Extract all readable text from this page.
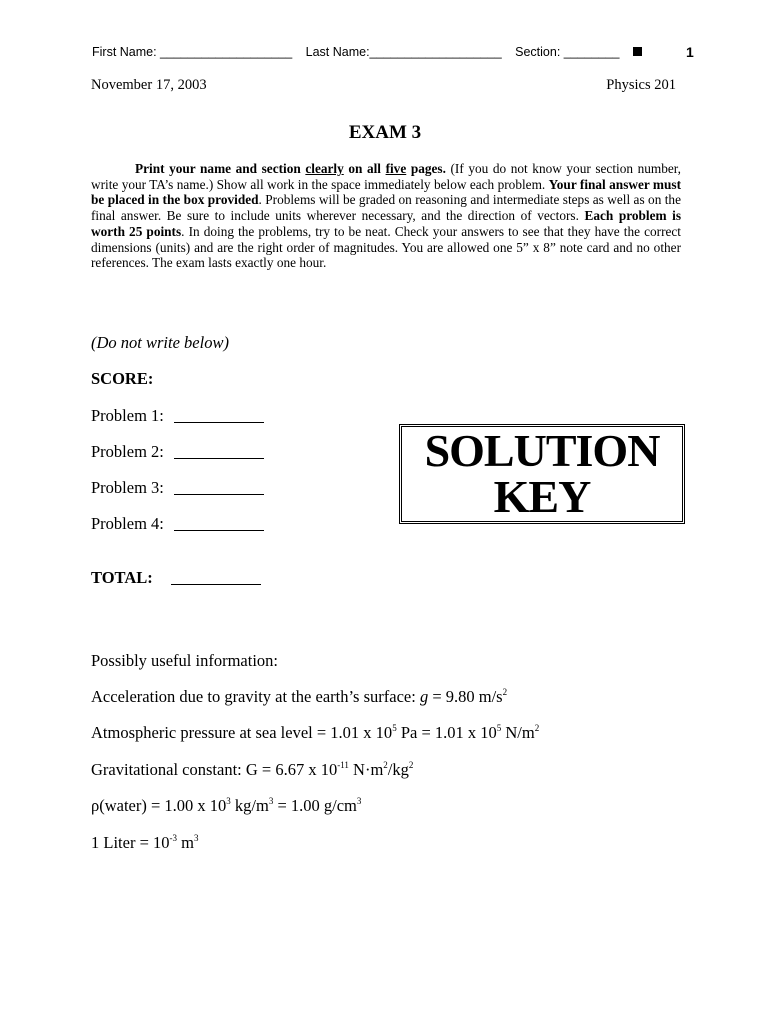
First Name: ___________________ Last Name:___________________ Section: ________	1
November 17, 2003	Physics 201
EXAM 3
Print your name and section clearly on all five pages. (If you do not know your section number, write your TA’s name.) Show all work in the space immediately below each problem. Your final answer must be placed in the box provided. Problems will be graded on reasoning and intermediate steps as well as on the final answer. Be sure to include units wherever necessary, and the direction of vectors. Each problem is worth 25 points. In doing the problems, try to be neat. Check your answers to see that they have the correct dimensions (units) and are the right order of magnitudes. You are allowed one 5” x 8” note card and no other references. The exam lasts exactly one hour.
(Do not write below)
SCORE:
Problem 1:
Problem 2:
Problem 3:
Problem 4:
TOTAL:
SOLUTION
KEY
Possibly useful information:
Acceleration due to gravity at the earth’s surface: g = 9.80 $m/s^2$
Atmospheric pressure at sea level = 1.01 x $10^5$ Pa = 1.01 x $10^5$ $N/m^2$
Gravitational constant: G = 6.67 x $10^{-11}$ $N\cdot m^2/kg^2$
ρ(water) = 1.00 x $10^3$ $kg/m^3 = 1.00$ $g/cm^3$
1 Liter = $10^{-3}$ $m^3$
